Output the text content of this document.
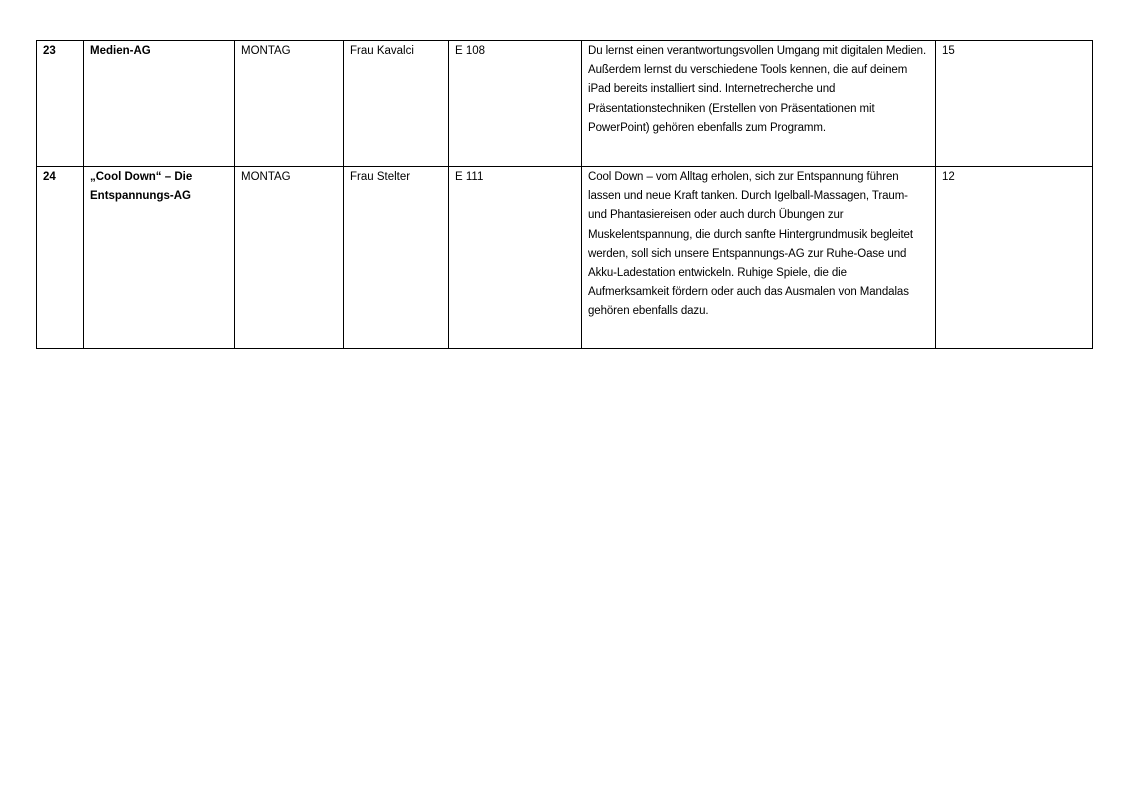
23	Medien-AG	MONTAG	Frau Kavalci	E 108	Du lernst einen verantwortungsvollen Umgang mit digitalen Medien. Außerdem lernst du verschiedene Tools kennen, die auf deinem iPad bereits installiert sind. Internetrecherche und Präsentationstechniken (Erstellen von Präsentationen mit PowerPoint) gehören ebenfalls zum Programm.	15
24	„Cool Down“ – Die Entspannungs-AG	MONTAG	Frau Stelter	E 111	Cool Down – vom Alltag erholen, sich zur Entspannung führen lassen und neue Kraft tanken. Durch Igelball-Massagen, Traum- und Phantasiereisen oder auch durch Übungen zur Muskelentspannung, die durch sanfte Hintergrundmusik begleitet werden, soll sich unsere Entspannungs-AG zur Ruhe-Oase und Akku-Ladestation entwickeln. Ruhige Spiele, die die Aufmerksamkeit fördern oder auch das Ausmalen von Mandalas gehören ebenfalls dazu.	12
